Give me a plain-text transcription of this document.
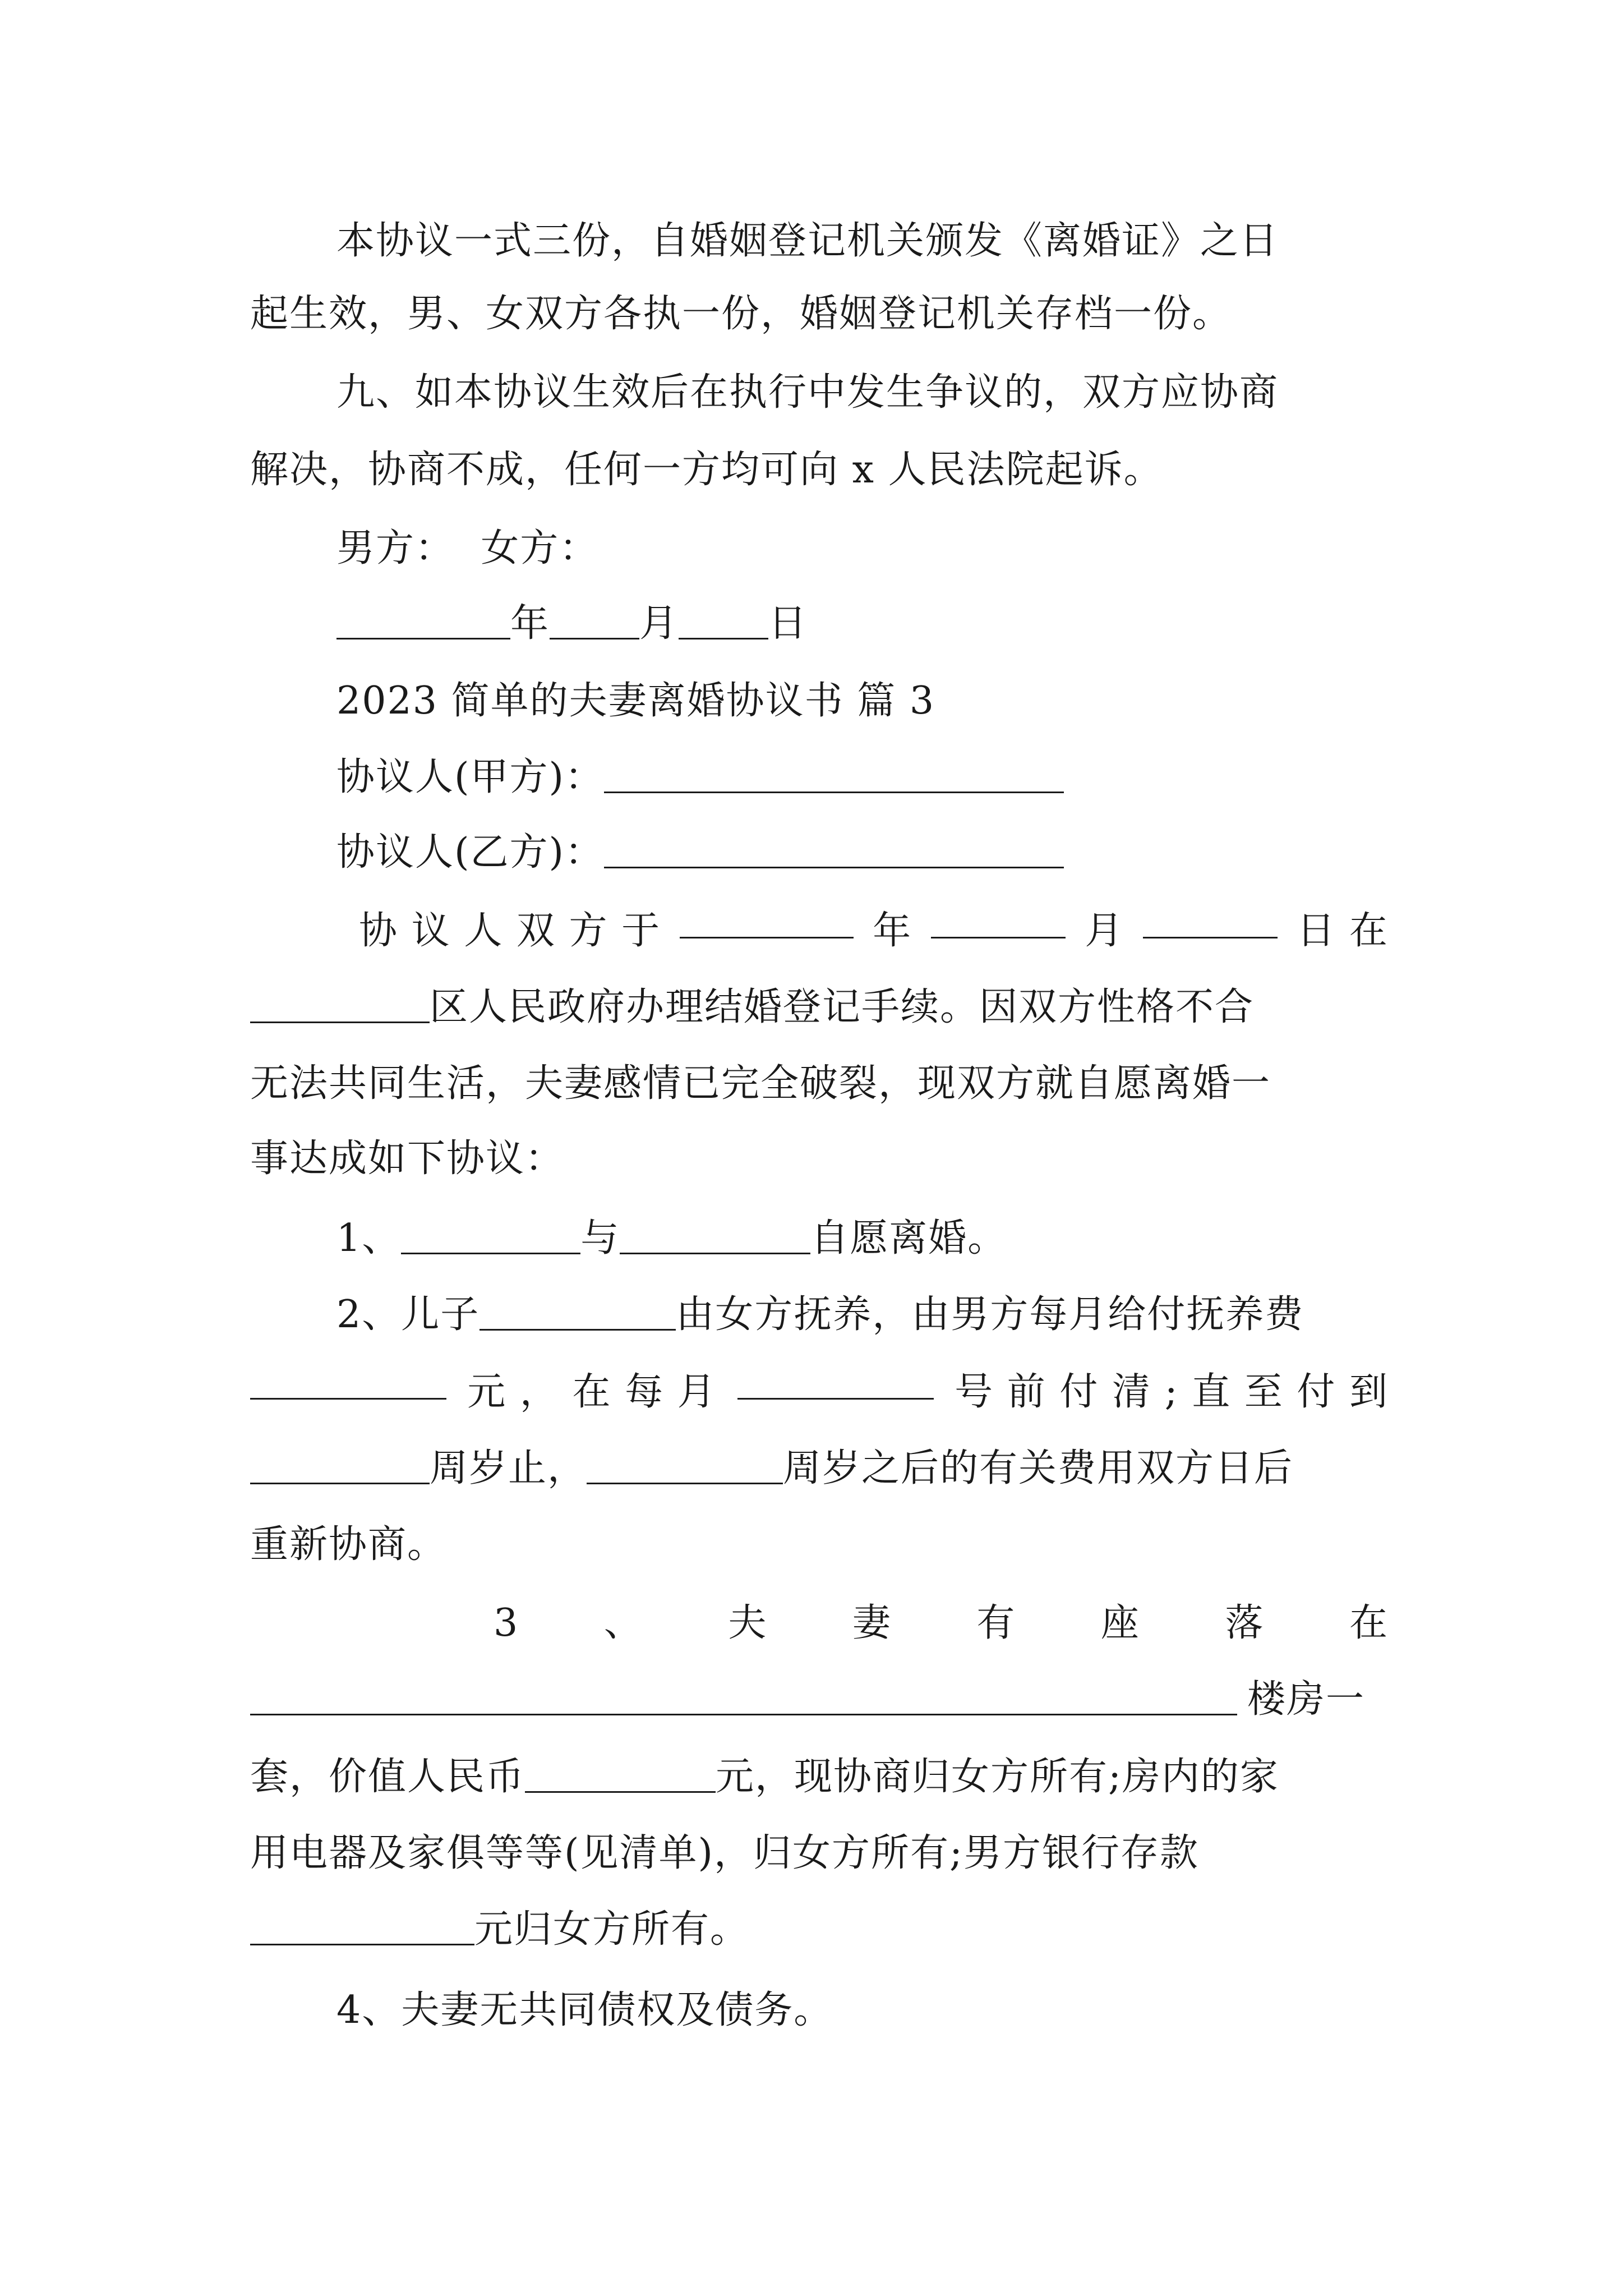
本协议一式三份，自婚姻登记机关颁发《离婚证》之日
起生效，男、女双方各执一份，婚姻登记机关存档一份。
九、如本协议生效后在执行中发生争议的，双方应协商
解决，协商不成，任何一方均可向 x 人民法院起诉。
男方： 女方：
年 月 日
2023 简单的夫妻离婚协议书 篇 3
协议人(甲方)：
协议人(乙方)：
协 议 人 双 方 于	年	月	日 在
区人民政府办理结婚登记手续。因双方性格不合
无法共同生活，夫妻感情已完全破裂，现双方就自愿离婚一
事达成如下协议：
1、	与	自愿离婚。
2、儿子	由女方抚养，由男方每月给付抚养费
元 ， 在 每 月	号 前 付 清 ; 直 至 付 到
周岁止，	周岁之后的有关费用双方日后
重新协商。
3 、 夫 妻 有 座 落 在
楼房一
套，价值人民币	元，现协商归女方所有;房内的家
用电器及家俱等等(见清单)，归女方所有;男方银行存款
元归女方所有。
4、夫妻无共同债权及债务。
